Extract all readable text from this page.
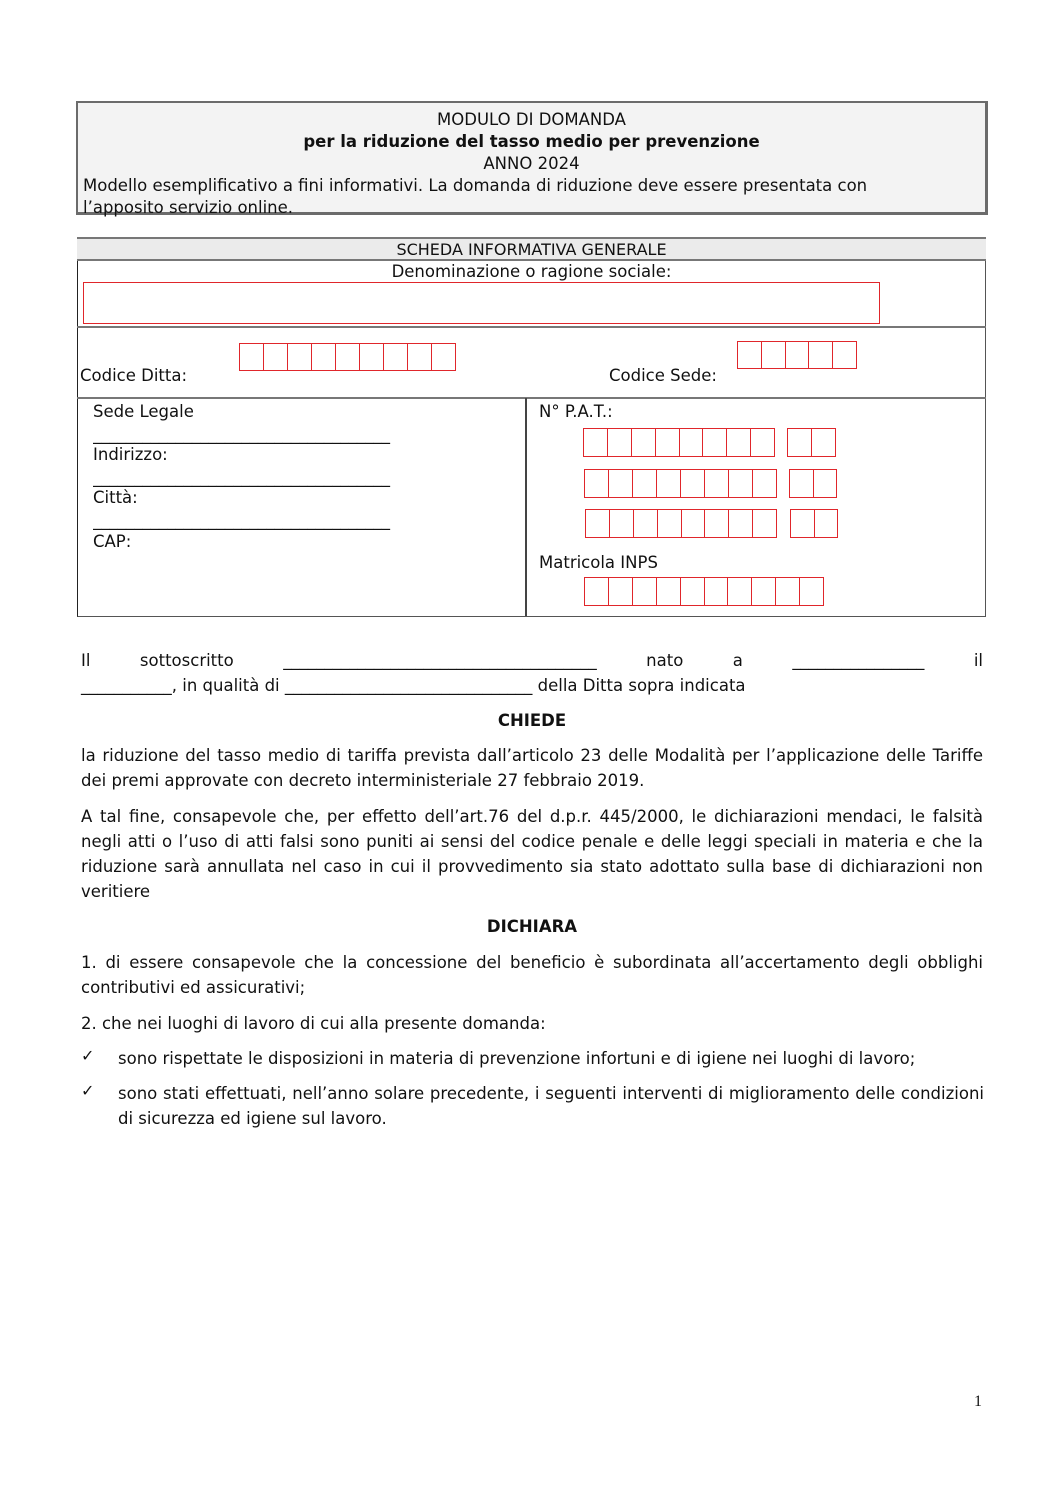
MODULO DI DOMANDA
per la riduzione del tasso medio per prevenzione
ANNO 2024
Modello esemplificativo a fini informativi. La domanda di riduzione deve essere presentata con l’apposito servizio online.
SCHEDA INFORMATIVA GENERALE
Denominazione o ragione sociale:
Codice Ditta:	Codice Sede:
Sede Legale
____________________________________
Indirizzo:
____________________________________
Città:
____________________________________
CAP:
N° P.A.T.:
Matricola INPS
Il	sottoscritto	______________________________________	nato	a	________________	il
___________, in qualità di ______________________________ della Ditta sopra indicata
CHIEDE
la riduzione del tasso medio di tariffa prevista dall’articolo 23 delle Modalità per l’applicazione delle Tariffe dei premi approvate con decreto interministeriale 27 febbraio 2019.
A tal fine, consapevole che, per effetto dell’art.76 del d.p.r. 445/2000, le dichiarazioni mendaci, le falsità negli atti o l’uso di atti falsi sono puniti ai sensi del codice penale e delle leggi speciali in materia e che la riduzione sarà annullata nel caso in cui il provvedimento sia stato adottato sulla base di dichiarazioni non veritiere
DICHIARA
1. di essere consapevole che la concessione del beneficio è subordinata all’accertamento degli obblighi contributivi ed assicurativi;
2. che nei luoghi di lavoro di cui alla presente domanda:
✓ sono rispettate le disposizioni in materia di prevenzione infortuni e di igiene nei luoghi di lavoro;
✓ sono stati effettuati, nell’anno solare precedente, i seguenti interventi di miglioramento delle condizioni di sicurezza ed igiene sul lavoro.
1
